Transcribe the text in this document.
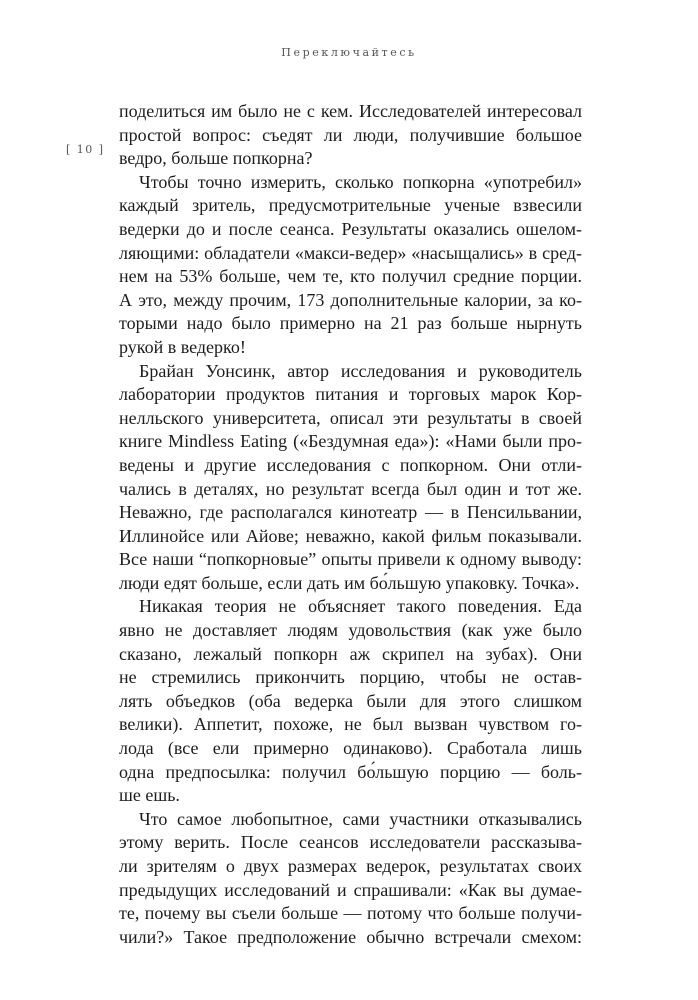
Переключайтесь
[ 10 ]

поделиться им было не с кем. Исследователей интересовал
простой вопрос: съедят ли люди, получившие большое
ведро, больше попкорна?

Чтобы точно измерить, сколько попкорна «употребил»
каждый зритель, предусмотрительные ученые взвесили
ведерки до и после сеанса. Результаты оказались ошелом-
ляющими: обладатели «макси-ведер» «насыщались» в сред-
нем на 53% больше, чем те, кто получил средние порции.
А это, между прочим, 173 дополнительные калории, за ко-
торыми надо было примерно на 21 раз больше нырнуть
рукой в ведерко!

Брайан Уонсинк, автор исследования и руководитель
лаборатории продуктов питания и торговых марок Кор-
нелльского университета, описал эти результаты в своей
книге Mindless Eating («Бездумная еда»): «Нами были про-
ведены и другие исследования с попкорном. Они отли-
чались в деталях, но результат всегда был один и тот же.
Неважно, где располагался кинотеатр — в Пенсильвании,
Иллинойсе или Айове; неважно, какой фильм показывали.
Все наши “попкорновые” опыты привели к одному выводу:
люди едят больше, если дать им бо́льшую упаковку. Точка».

Никакая теория не объясняет такого поведения. Еда
явно не доставляет людям удовольствия (как уже было
сказано, лежалый попкорн аж скрипел на зубах). Они
не стремились прикончить порцию, чтобы не остав-
лять объедков (оба ведерка были для этого слишком
велики). Аппетит, похоже, не был вызван чувством го-
лода (все ели примерно одинаково). Сработала лишь
одна предпосылка: получил бо́льшую порцию — боль-
ше ешь.

Что самое любопытное, сами участники отказывались
этому верить. После сеансов исследователи рассказыва-
ли зрителям о двух размерах ведерок, результатах своих
предыдущих исследований и спрашивали: «Как вы думае-
те, почему вы съели больше — потому что больше получи-
чили?» Такое предположение обычно встречали смехом:
